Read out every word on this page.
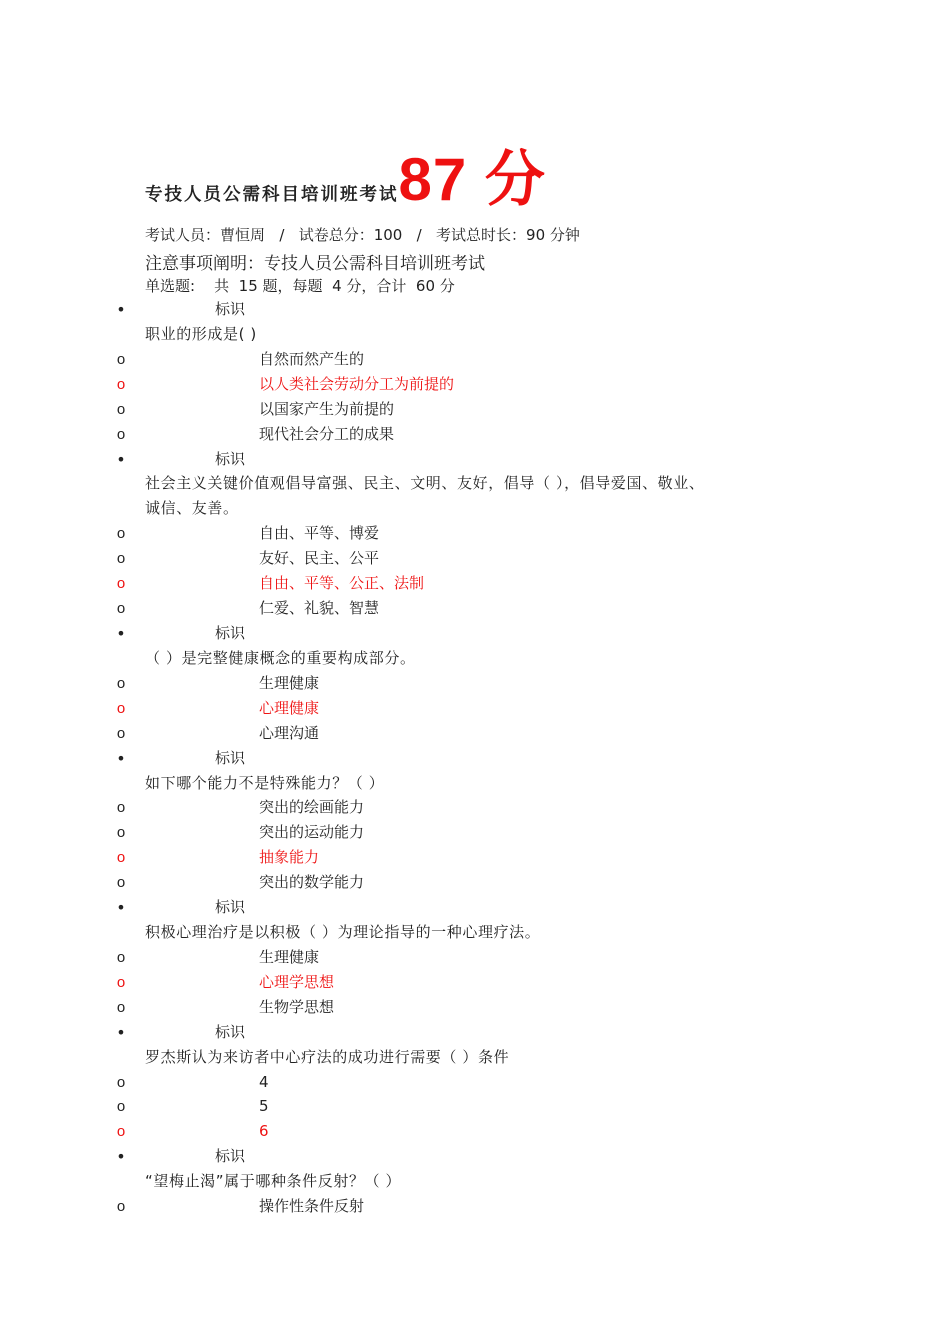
专技人员公需科目培训班考试87 分
考试人员：曹恒周 / 试卷总分：100 / 考试总时长：90 分钟
注意事项阐明：专技人员公需科目培训班考试
单选题: 共  15 题，每题  4 分，合计  60 分
•	标识
职业的形成是( )
o	自然而然产生的
o	以人类社会劳动分工为前提的
o	以国家产生为前提的
o	现代社会分工的成果
•	标识
社会主义关键价值观倡导富强、民主、文明、友好，倡导（ ），倡导爱国、敬业、
诚信、友善。
o	自由、平等、博爱
o	友好、民主、公平
o	自由、平等、公正、法制
o	仁爱、礼貌、智慧
•	标识
（ ）是完整健康概念的重要构成部分。
o	生理健康
o	心理健康
o	心理沟通
•	标识
如下哪个能力不是特殊能力？（ ）
o	突出的绘画能力
o	突出的运动能力
o	抽象能力
o	突出的数学能力
•	标识
积极心理治疗是以积极（ ）为理论指导的一种心理疗法。
o	生理健康
o	心理学思想
o	生物学思想
•	标识
罗杰斯认为来访者中心疗法的成功进行需要（ ）条件
o	4
o	5
o	6
•	标识
“望梅止渴”属于哪种条件反射？（ ）
o	操作性条件反射
